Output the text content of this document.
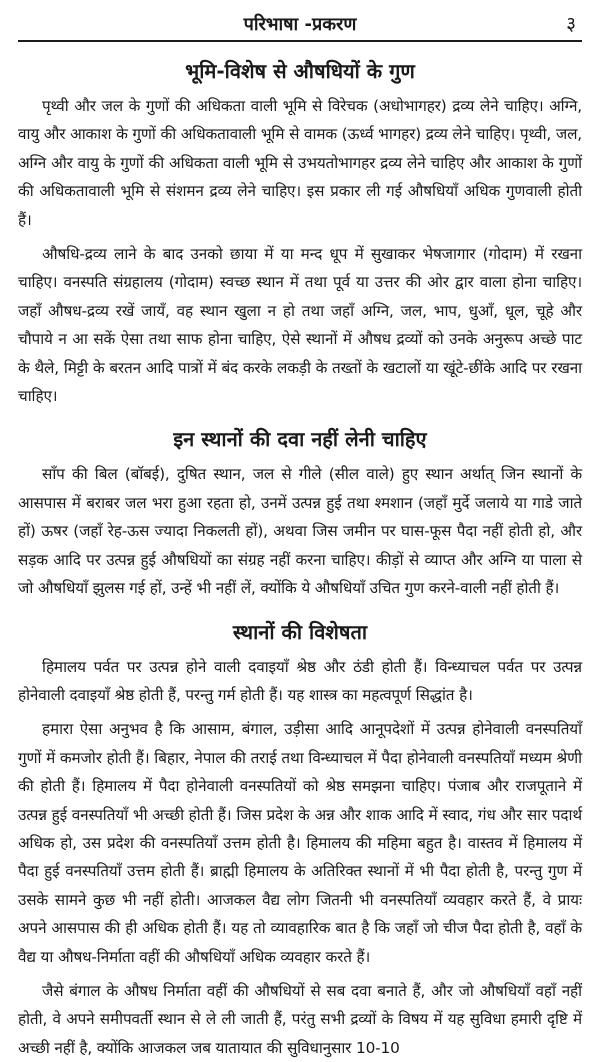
परिभाषा -प्रकरण	३
भूमि-विशेष से औषधियों के गुण

पृथ्वी और जल के गुणों की अधिकता वाली भूमि से विरेचक (अधोभागहर) द्रव्य लेने चाहिए। अग्नि, वायु और आकाश के गुणों की अधिकतावाली भूमि से वामक (ऊर्ध्व भागहर) द्रव्य लेने चाहिए। पृथ्वी, जल, अग्नि और वायु के गुणों की अधिकता वाली भूमि से उभयतोभागहर द्रव्य लेने चाहिए और आकाश के गुणों की अधिकतावाली भूमि से संशमन द्रव्य लेने चाहिए। इस प्रकार ली गई औषधियाँ अधिक गुणवाली होती हैं।

औषधि-द्रव्य लाने के बाद उनको छाया में या मन्द धूप में सुखाकर भेषजागार (गोदाम) में रखना चाहिए। वनस्पति संग्रहालय (गोदाम) स्वच्छ स्थान में तथा पूर्व या उत्तर की ओर द्वार वाला होना चाहिए। जहाँ औषध-द्रव्य रखें जायँ, वह स्थान खुला न हो तथा जहाँ अग्नि, जल, भाप, धुआँ, धूल, चूहे और चौपाये न आ सकें ऐसा तथा साफ होना चाहिए, ऐसे स्थानों में औषध द्रव्यों को उनके अनुरूप अच्छे पाट के थैले, मिट्टी के बरतन आदि पात्रों में बंद करके लकड़ी के तख्तों के खटालों या खूंटे-छींके आदि पर रखना चाहिए।

इन स्थानों की दवा नहीं लेनी चाहिए

साँप की बिल (बॉबई), दुषित स्थान, जल से गीले (सील वाले) हुए स्थान अर्थात् जिन स्थानों के आसपास में बराबर जल भरा हुआ रहता हो, उनमें उत्पन्न हुई तथा श्मशान (जहाँ मुर्दे जलाये या गाडे जाते हों) ऊषर (जहाँ रेह-ऊस ज्यादा निकलती हों), अथवा जिस जमीन पर घास-फूस पैदा नहीं होती हो, और सड़क आदि पर उत्पन्न हुई औषधियों का संग्रह नहीं करना चाहिए। कीड़ों से व्याप्त और अग्नि या पाला से जो औषधियाँ झुलस गई हों, उन्हें भी नहीं लें, क्योंकि ये औषधियाँ उचित गुण करने-वाली नहीं होती हैं।

स्थानों की विशेषता

हिमालय पर्वत पर उत्पन्न होने वाली दवाइयाँ श्रेष्ठ और ठंडी होती हैं। विन्ध्याचल पर्वत पर उत्पन्न होनेवाली दवाइयाँ श्रेष्ठ होती हैं, परन्तु गर्म होती हैं। यह शास्त्र का महत्वपूर्ण सिद्धांत है।

हमारा ऐसा अनुभव है कि आसाम, बंगाल, उड़ीसा आदि आनूपदेशों में उत्पन्न होनेवाली वनस्पतियाँ गुणों में कमजोर होती हैं। बिहार, नेपाल की तराई तथा विन्ध्याचल में पैदा होनेवाली वनस्पतियाँ मध्यम श्रेणी की होती हैं। हिमालय में पैदा होनेवाली वनस्पतियों को श्रेष्ठ समझना चाहिए। पंजाब और राजपूताने में उत्पन्न हुई वनस्पतियाँ भी अच्छी होती हैं। जिस प्रदेश के अन्न और शाक आदि में स्वाद, गंध और सार पदार्थ अधिक हो, उस प्रदेश की वनस्पतियाँ उत्तम होती है। हिमालय की महिमा बहुत है। वास्तव में हिमालय में पैदा हुई वनस्पतियाँ उत्तम होती हैं। ब्राह्मी हिमालय के अतिरिक्त स्थानों में भी पैदा होती है, परन्तु गुण में उसके सामने कुछ भी नहीं होती। आजकल वैद्य लोग जितनी भी वनस्पतियाँ व्यवहार करते हैं, वे प्रायः अपने आसपास की ही अधिक होती हैं। यह तो व्यावहारिक बात है कि जहाँ जो चीज पैदा होती है, वहाँ के वैद्य या औषध-निर्माता वहीं की औषधियाँ अधिक व्यवहार करते हैं।

जैसे बंगाल के औषध निर्माता वहीं की औषधियों से सब दवा बनाते हैं, और जो औषधियाँ वहाँ नहीं होती, वे अपने समीपवर्ती स्थान से ले ली जाती हैं, परंतु सभी द्रव्यों के विषय में यह सुविधा हमारी दृष्टि में अच्छी नहीं है, क्योंकि आजकल जब यातायात की सुविधानुसार 10-10
